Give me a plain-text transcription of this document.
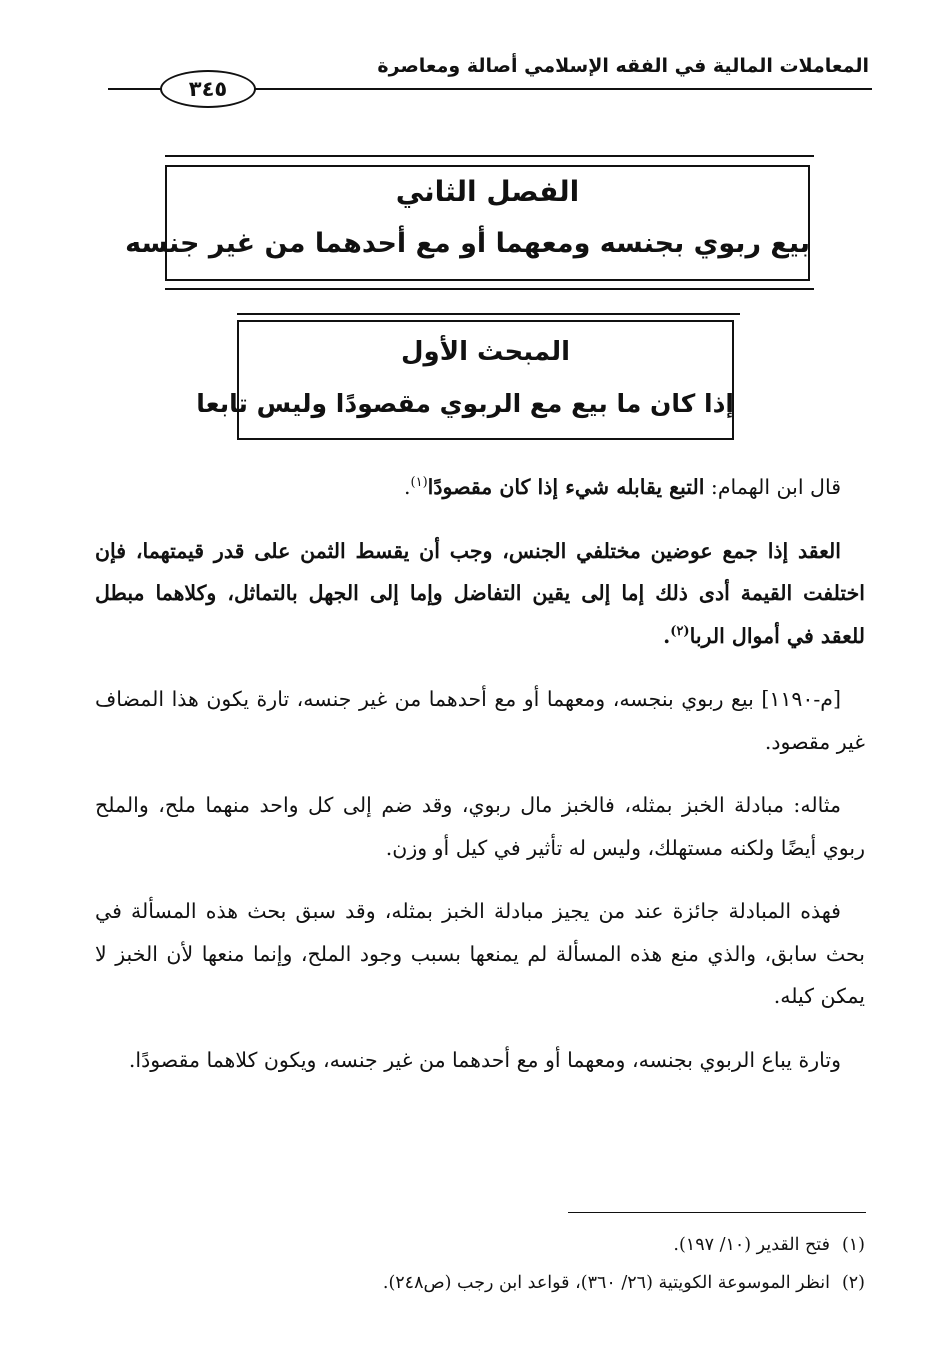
المعاملات المالية في الفقه الإسلامي أصالة ومعاصرة
٣٤٥
الفصل الثاني
بيع ربوي بجنسه ومعهما أو مع أحدهما من غير جنسه
المبحث الأول
إذا كان ما بيع مع الربوي مقصودًا وليس تابعا

قال ابن الهمام: التبع يقابله شيء إذا كان مقصودًا$^{(١)}$.

العقد إذا جمع عوضين مختلفي الجنس، وجب أن يقسط الثمن على قدر قيمتهما، فإن اختلفت القيمة أدى ذلك إما إلى يقين التفاضل وإما إلى الجهل بالتماثل، وكلاهما مبطل للعقد في أموال الربا$^{(٢)}$.

[م-١١٩٠] بيع ربوي بنجسه، ومعهما أو مع أحدهما من غير جنسه، تارة يكون هذا المضاف غير مقصود.

مثاله: مبادلة الخبز بمثله، فالخبز مال ربوي، وقد ضم إلى كل واحد منهما ملح، والملح ربوي أيضًا ولكنه مستهلك، وليس له تأثير في كيل أو وزن.

فهذه المبادلة جائزة عند من يجيز مبادلة الخبز بمثله، وقد سبق بحث هذه المسألة في بحث سابق، والذي منع هذه المسألة لم يمنعها بسبب وجود الملح، وإنما منعها لأن الخبز لا يمكن كيله.

وتارة يباع الربوي بجنسه، ومعهما أو مع أحدهما من غير جنسه، ويكون كلاهما مقصودًا.

(١)فتح القدير (١٠/ ١٩٧).
(٢)انظر الموسوعة الكويتية (٢٦/ ٣٦٠)، قواعد ابن رجب (ص٢٤٨).
